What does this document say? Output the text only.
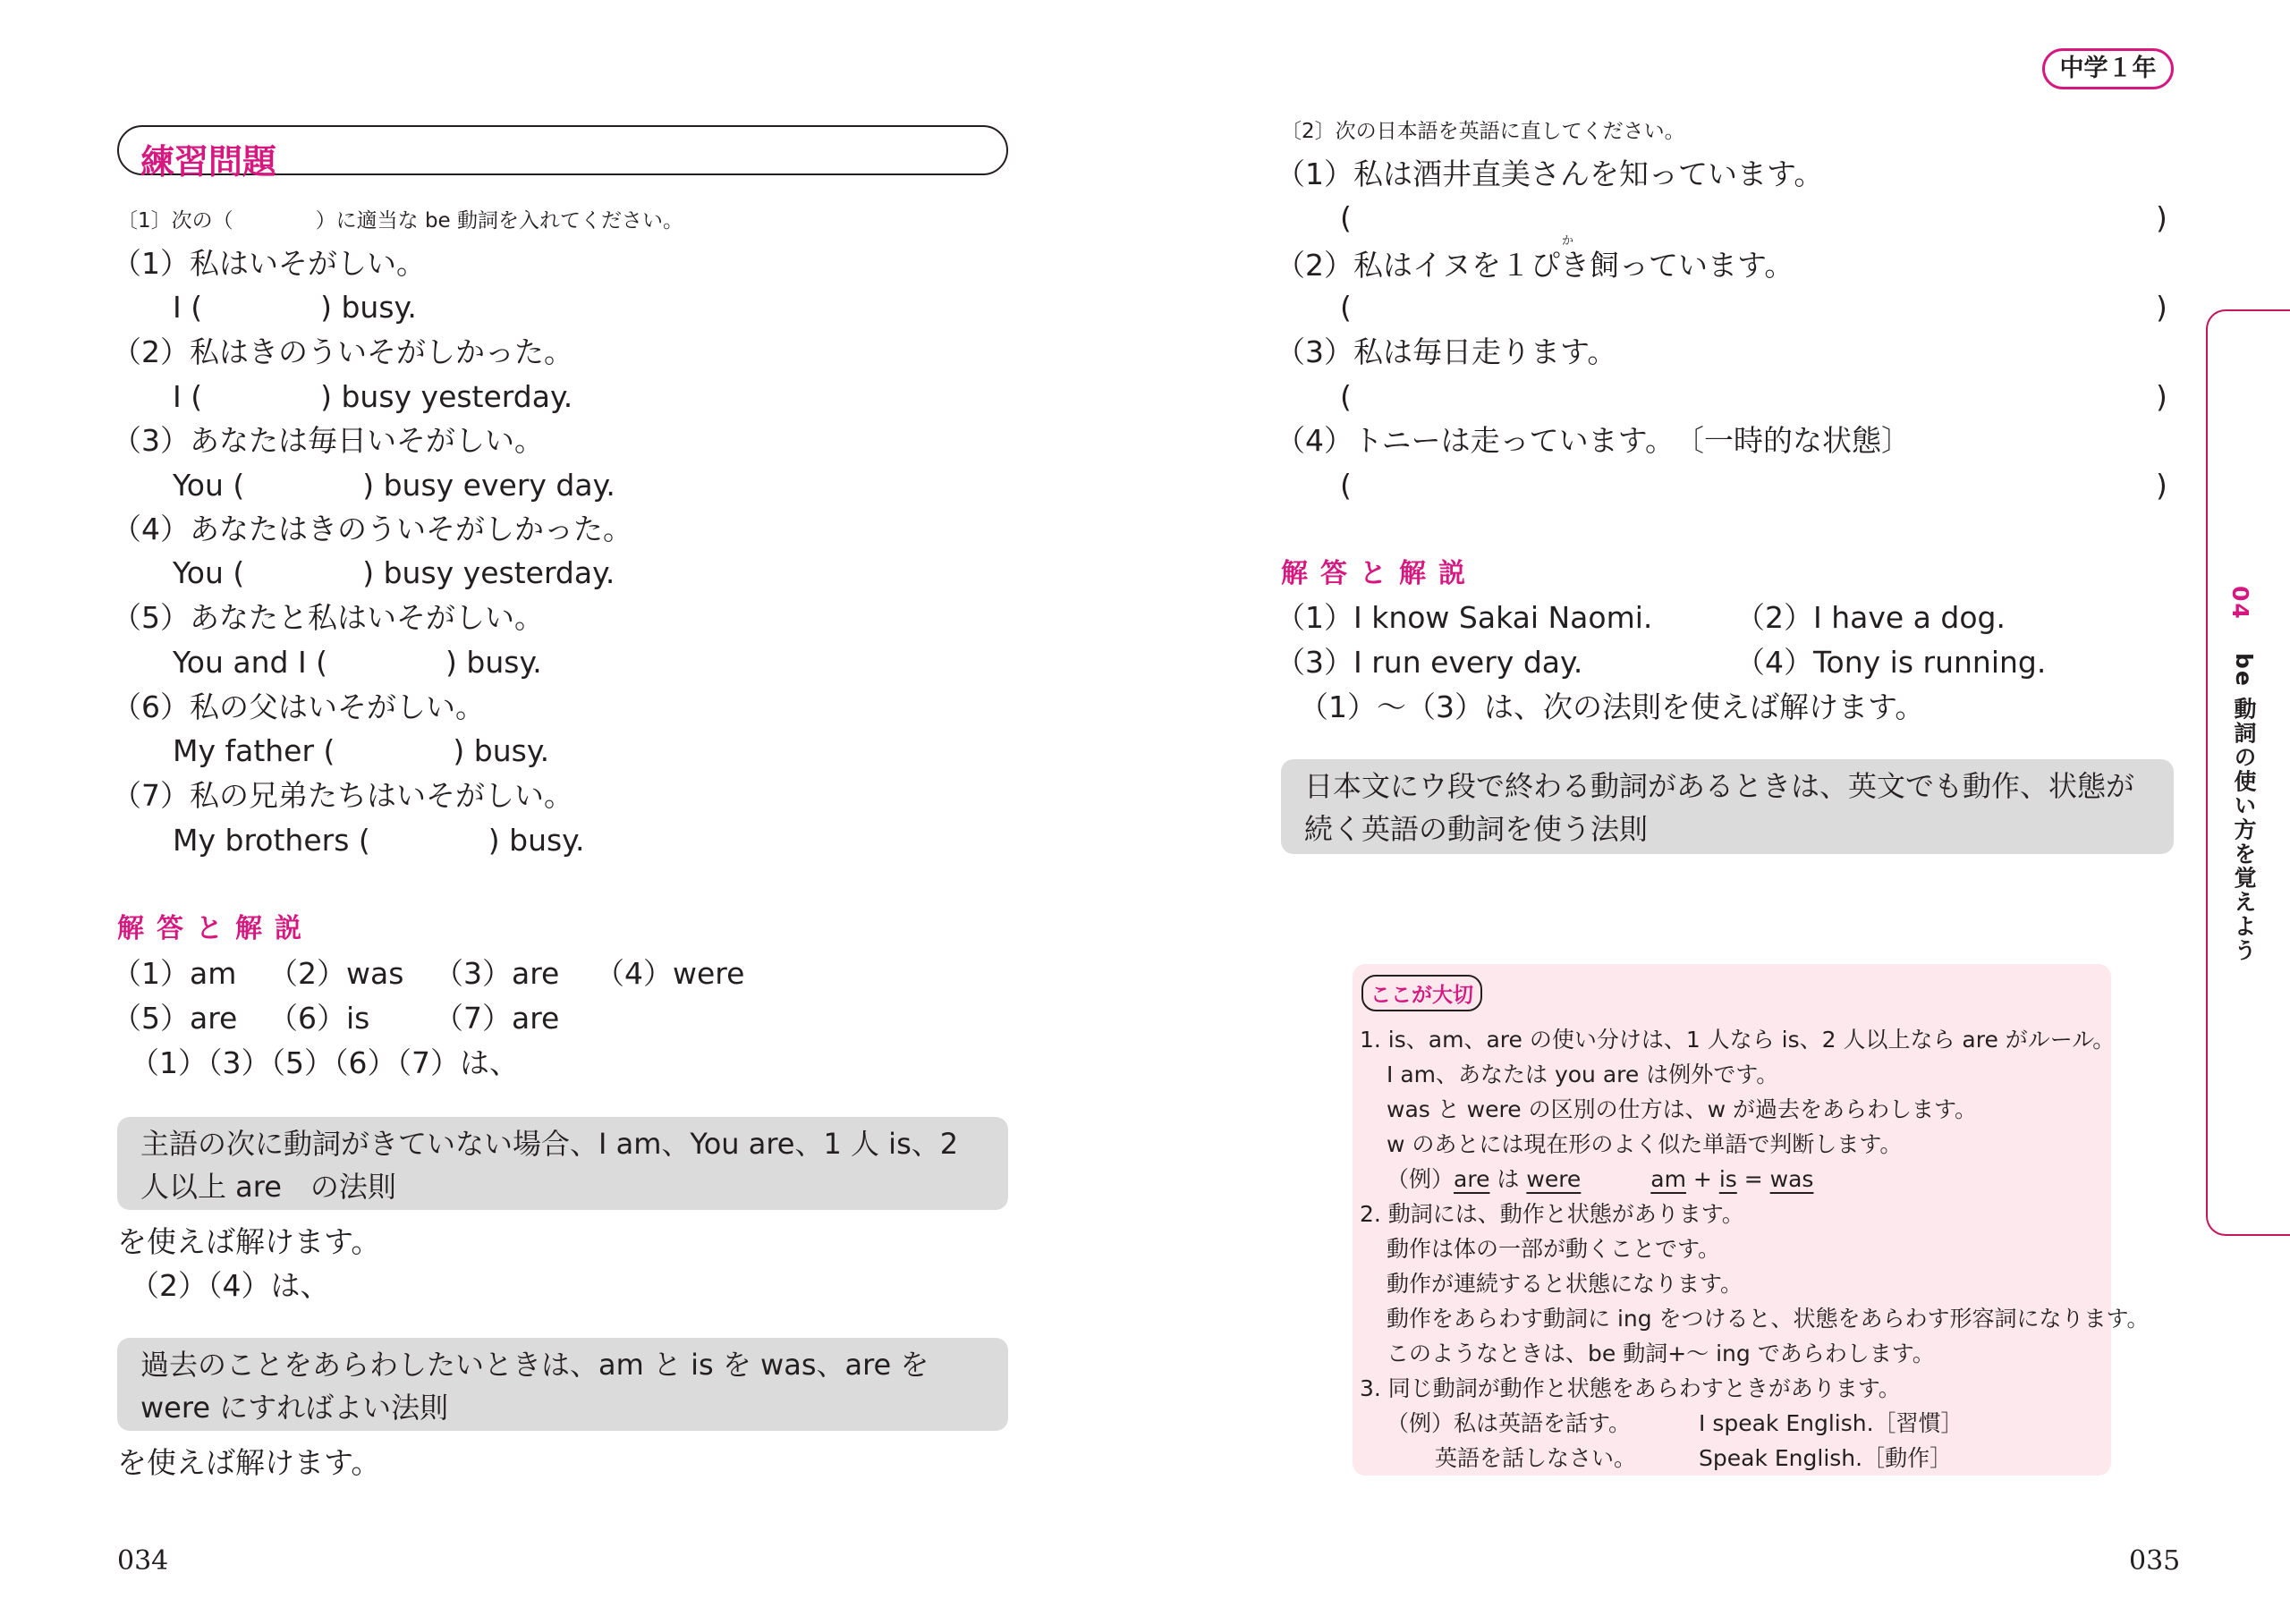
練習問題
〔1〕次の（　　　　）に適当な be 動詞を入れてください。
（1）私はいそがしい。
I (　　　　) busy.
（2）私はきのういそがしかった。
I (　　　　) busy yesterday.
（3）あなたは毎日いそがしい。
You (　　　　) busy every day.
（4）あなたはきのういそがしかった。
You (　　　　) busy yesterday.
（5）あなたと私はいそがしい。
You and I (　　　　) busy.
（6）私の父はいそがしい。
My father (　　　　) busy.
（7）私の兄弟たちはいそがしい。
My brothers (　　　　) busy.
解答と解説
（1）am （2）was （3）are （4）were
（5）are （6）is （7）are
（1）（3）（5）（6）（7）は、
主語の次に動詞がきていない場合、I am、You are、1 人 is、2 人以上 are　の法則
を使えば解けます。
（2）（4）は、
過去のことをあらわしたいときは、am と is を was、are を were にすればよい法則
を使えば解けます。
034
中学１年
〔2〕次の日本語を英語に直してください。
（1）私は酒井直美さんを知っています。
(	)
（2）私はイヌを１ぴき飼っています。
か
(	)
（3）私は毎日走ります。
(	)
（4）トニーは走っています。　〔一時的な状態〕
(	)
解答と解説
（1）I know Sakai Naomi.	（2）I have a dog.
（3）I run every day.	（4）Tony is running.
（1）～（3）は、次の法則を使えば解けます。
日本文にウ段で終わる動詞があるときは、英文でも動作、状態が続く英語の動詞を使う法則
ここが大切
1. is、am、are の使い分けは、1 人なら is、2 人以上なら are がルール。
I am、あなたは you are は例外です。
was と were の区別の仕方は、w が過去をあらわします。
w のあとには現在形のよく似た単語で判断します。
（例）are は were	am + is = was
2. 動詞には、動作と状態があります。
動作は体の一部が動くことです。
動作が連続すると状態になります。
動作をあらわす動詞に ing をつけると、状態をあらわす形容詞になります。
このようなときは、be 動詞+～ ing であらわします。
3. 同じ動詞が動作と状態をあらわすときがあります。
（例）私は英語を話す。	I speak English.［習慣］
英語を話しなさい。	Speak English.［動作］
04
be 動詞の使い方を覚えよう
035
